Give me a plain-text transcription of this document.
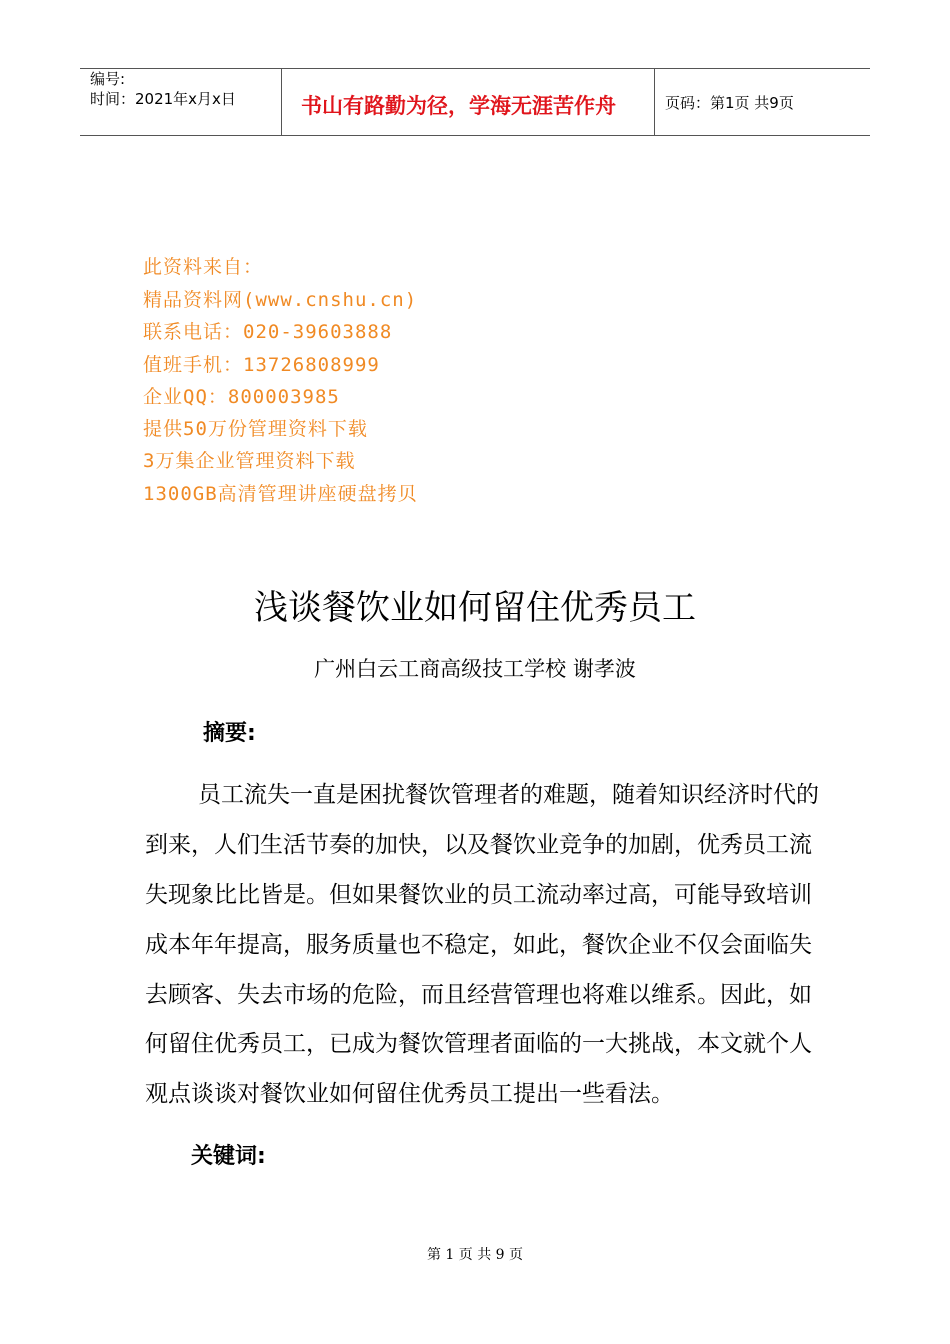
编号:
时间：2021年x月x日	书山有路勤为径，学海无涯苦作舟	页码：第1页 共9页
此资料来自：
精品资料网(www.cnshu.cn)
联系电话：020-39603888
值班手机：13726808999
企业QQ：800003985
提供50万份管理资料下载
3万集企业管理资料下载
1300GB高清管理讲座硬盘拷贝
浅谈餐饮业如何留住优秀员工
广州白云工商高级技工学校 谢孝波
摘要:
员工流失一直是困扰餐饮管理者的难题，随着知识经济时代的
到来，人们生活节奏的加快，以及餐饮业竞争的加剧，优秀员工流
失现象比比皆是。但如果餐饮业的员工流动率过高，可能导致培训
成本年年提高，服务质量也不稳定，如此，餐饮企业不仅会面临失
去顾客、失去市场的危险，而且经营管理也将难以维系。因此，如
何留住优秀员工，已成为餐饮管理者面临的一大挑战，本文就个人
观点谈谈对餐饮业如何留住优秀员工提出一些看法。
关键词:
第 1 页 共 9 页
